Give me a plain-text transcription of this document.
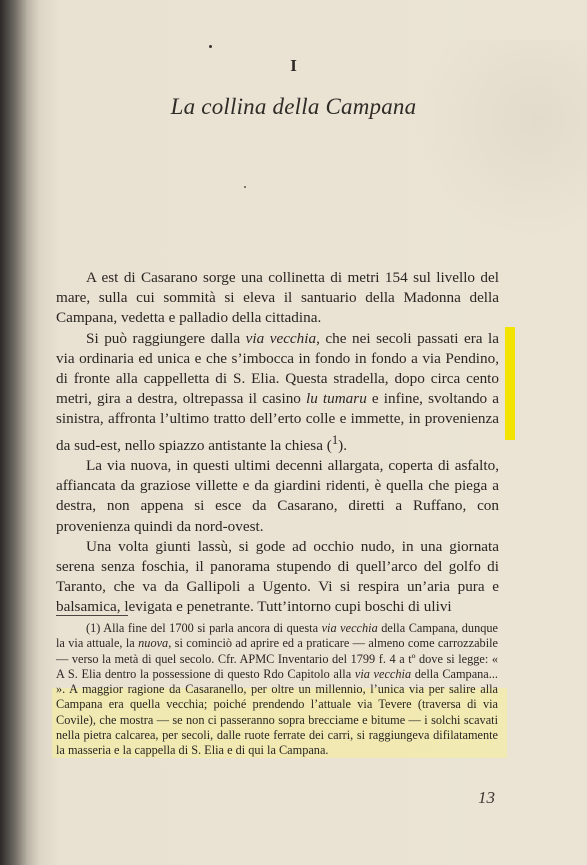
I
La collina della Campana

A est di Casarano sorge una collinetta di metri 154 sul livello del mare, sulla cui sommità si eleva il santuario della Madonna della Campana, vedetta e palladio della cittadina.

Si può raggiungere dalla via vecchia, che nei secoli passati era la via ordinaria ed unica e che s’imbocca in fondo in fondo a via Pendino, di fronte alla cappelletta di S. Elia. Questa stradella, dopo circa cento metri, gira a destra, oltrepassa il casino lu tumaru e infine, svoltando a sinistra, affronta l’ultimo tratto dell’erto colle e immette, in provenienza da sud-est, nello spiazzo antistante la chiesa ($^1$).

La via nuova, in questi ultimi decenni allargata, coperta di asfalto, affiancata da graziose villette e da giardini ridenti, è quella che piega a destra, non appena si esce da Casarano, diretti a Ruffano, con provenienza quindi da nord-ovest.

Una volta giunti lassù, si gode ad occhio nudo, in una giornata serena senza foschia, il panorama stupendo di quell’arco del golfo di Taranto, che va da Gallipoli a Ugento. Vi si respira un’aria pura e balsamica, levigata e penetrante. Tutt’intorno cupi boschi di ulivi

(1) Alla fine del 1700 si parla ancora di questa via vecchia della Campana, dunque la via attuale, la nuova, si cominciò ad aprire ed a praticare — almeno come carrozzabile — verso la metà di quel secolo. Cfr. APMC Inventario del 1799 f. 4 a tº dove si legge: « A S. Elia dentro la possessione di questo Rdo Capitolo alla via vecchia della Campana... ». A maggior ragione da Casaranello, per oltre un millennio, l’unica via per salire alla Campana era quella vecchia; poiché prendendo l’attuale via Tevere (traversa di via Covile), che mostra — se non ci passeranno sopra brecciame e bitume — i solchi scavati nella pietra calcarea, per secoli, dalle ruote ferrate dei carri, si raggiungeva difilatamente la masseria e la cappella di S. Elia e di qui la Campana.

13
